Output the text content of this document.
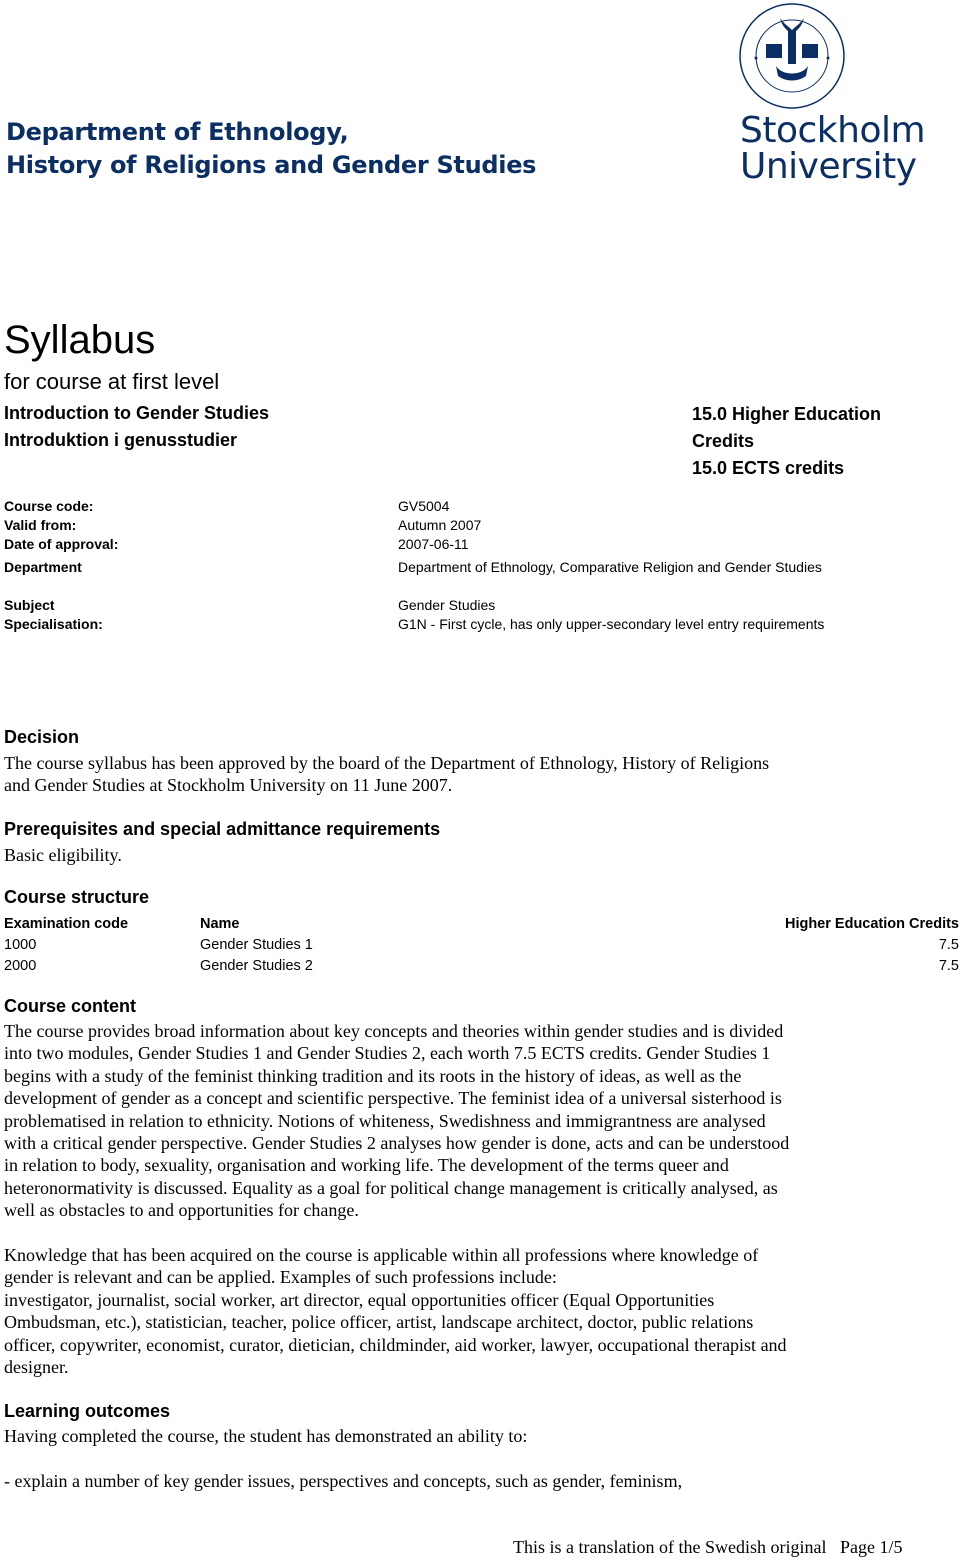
Department of Ethnology,
History of Religions and Gender Studies
Stockholm
University
Syllabus
for course at first level
Introduction to Gender Studies
Introduktion i genusstudier
15.0 Higher Education
Credits
15.0 ECTS credits
Course code:	GV5004
Valid from:	Autumn 2007
Date of approval:	2007-06-11
Department	Department of Ethnology, Comparative Religion and Gender Studies
Subject	Gender Studies
Specialisation:	G1N - First cycle, has only upper-secondary level entry requirements
Decision
The course syllabus has been approved by the board of the Department of Ethnology, History of Religions
and Gender Studies at Stockholm University on 11 June 2007.
Prerequisites and special admittance requirements
Basic eligibility.
Course structure
Examination code	Name	Higher Education Credits
1000	Gender Studies 1	7.5
2000	Gender Studies 2	7.5
Course content
The course provides broad information about key concepts and theories within gender studies and is divided
into two modules, Gender Studies 1 and Gender Studies 2, each worth 7.5 ECTS credits. Gender Studies 1
begins with a study of the feminist thinking tradition and its roots in the history of ideas, as well as the
development of gender as a concept and scientific perspective. The feminist idea of a universal sisterhood is
problematised in relation to ethnicity. Notions of whiteness, Swedishness and immigrantness are analysed
with a critical gender perspective. Gender Studies 2 analyses how gender is done, acts and can be understood
in relation to body, sexuality, organisation and working life. The development of the terms queer and
heteronormativity is discussed. Equality as a goal for political change management is critically analysed, as
well as obstacles to and opportunities for change.
Knowledge that has been acquired on the course is applicable within all professions where knowledge of
gender is relevant and can be applied. Examples of such professions include:
investigator, journalist, social worker, art director, equal opportunities officer (Equal Opportunities
Ombudsman, etc.), statistician, teacher, police officer, artist, landscape architect, doctor, public relations
officer, copywriter, economist, curator, dietician, childminder, aid worker, lawyer, occupational therapist and
designer.
Learning outcomes
Having completed the course, the student has demonstrated an ability to:
- explain a number of key gender issues, perspectives and concepts, such as gender, feminism,
This is a translation of the Swedish original Page 1/5
